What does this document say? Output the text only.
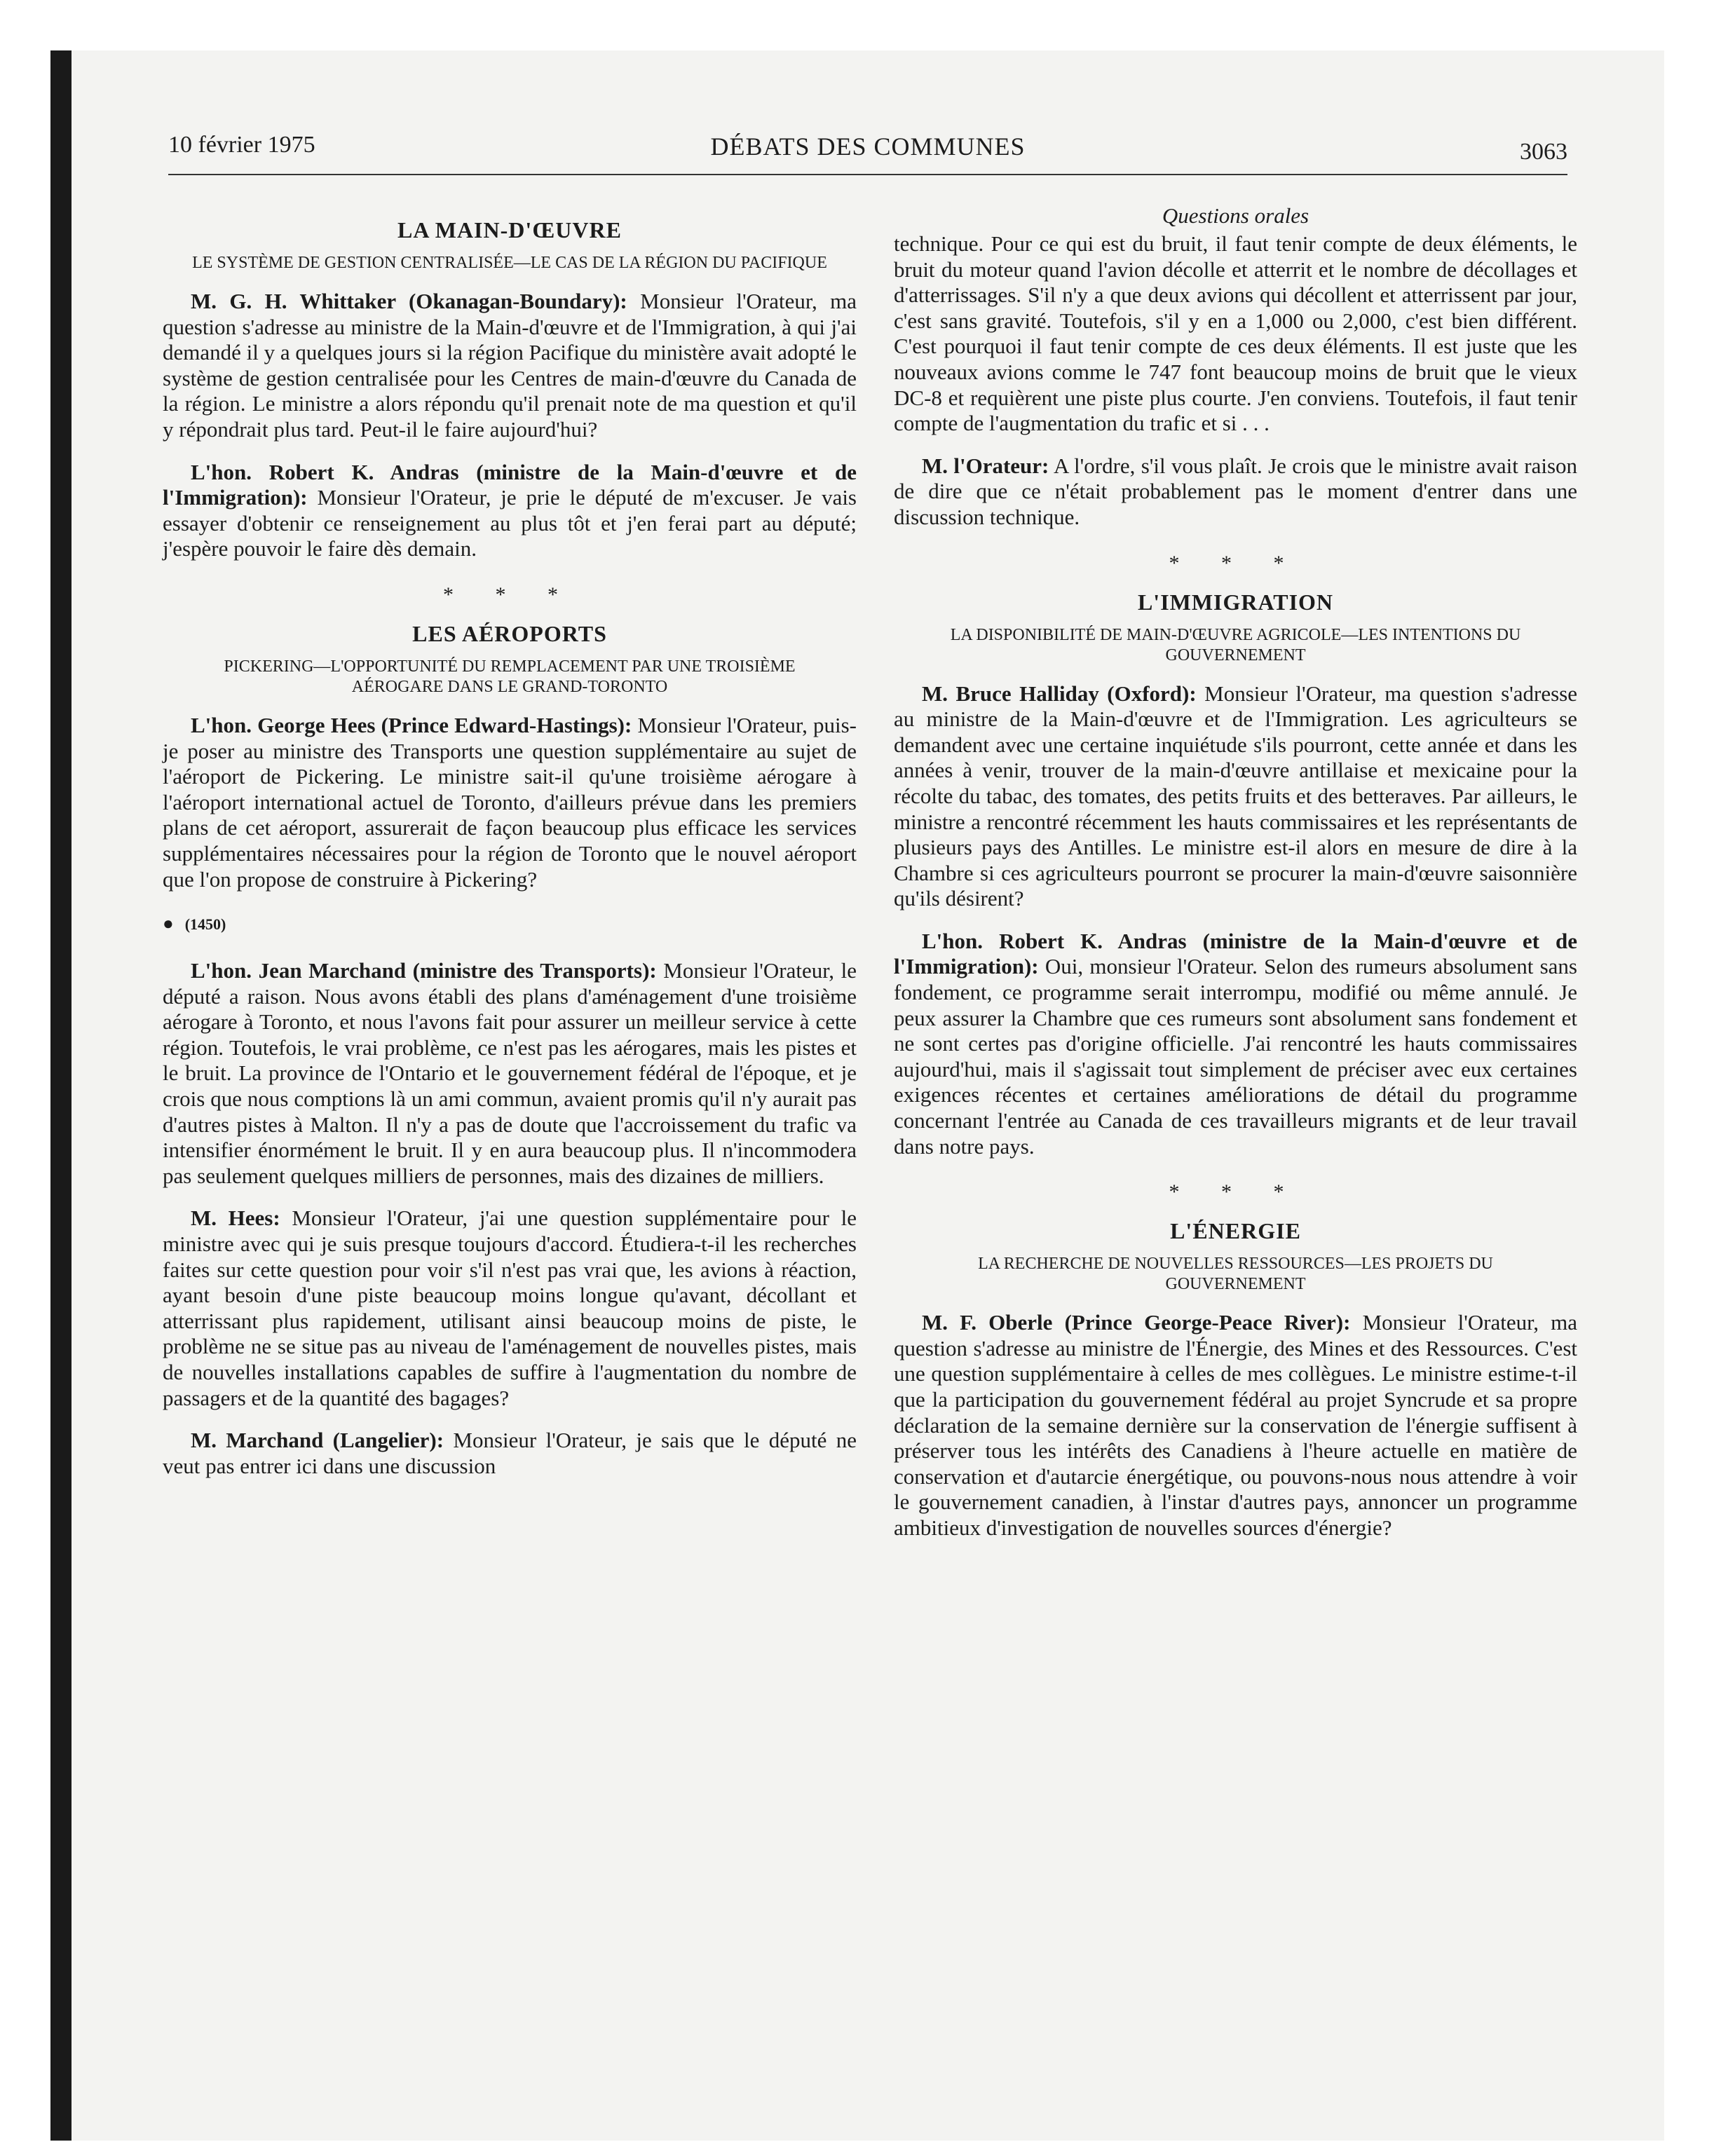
10 février 1975	DÉBATS DES COMMUNES	3063
LA MAIN-D'ŒUVRE
LE SYSTÈME DE GESTION CENTRALISÉE—LE CAS DE LA RÉGION DU PACIFIQUE

M. G. H. Whittaker (Okanagan-Boundary): Monsieur l'Orateur, ma question s'adresse au ministre de la Main-d'œuvre et de l'Immigration, à qui j'ai demandé il y a quelques jours si la région Pacifique du ministère avait adopté le système de gestion centralisée pour les Centres de main-d'œuvre du Canada de la région. Le ministre a alors répondu qu'il prenait note de ma question et qu'il y répondrait plus tard. Peut-il le faire aujourd'hui?

L'hon. Robert K. Andras (ministre de la Main-d'œuvre et de l'Immigration): Monsieur l'Orateur, je prie le député de m'excuser. Je vais essayer d'obtenir ce renseignement au plus tôt et j'en ferai part au député; j'espère pouvoir le faire dès demain.

* * *
LES AÉROPORTS
PICKERING—L'OPPORTUNITÉ DU REMPLACEMENT PAR UNE TROISIÈME AÉROGARE DANS LE GRAND-TORONTO

L'hon. George Hees (Prince Edward-Hastings): Monsieur l'Orateur, puis-je poser au ministre des Transports une question supplémentaire au sujet de l'aéroport de Pickering. Le ministre sait-il qu'une troisième aérogare à l'aéroport international actuel de Toronto, d'ailleurs prévue dans les premiers plans de cet aéroport, assurerait de façon beaucoup plus efficace les services supplémentaires nécessaires pour la région de Toronto que le nouvel aéroport que l'on propose de construire à Pickering?

● (1450)

L'hon. Jean Marchand (ministre des Transports): Monsieur l'Orateur, le député a raison. Nous avons établi des plans d'aménagement d'une troisième aérogare à Toronto, et nous l'avons fait pour assurer un meilleur service à cette région. Toutefois, le vrai problème, ce n'est pas les aérogares, mais les pistes et le bruit. La province de l'Ontario et le gouvernement fédéral de l'époque, et je crois que nous comptions là un ami commun, avaient promis qu'il n'y aurait pas d'autres pistes à Malton. Il n'y a pas de doute que l'accroissement du trafic va intensifier énormément le bruit. Il y en aura beaucoup plus. Il n'incommodera pas seulement quelques milliers de personnes, mais des dizaines de milliers.

M. Hees: Monsieur l'Orateur, j'ai une question supplémentaire pour le ministre avec qui je suis presque toujours d'accord. Étudiera-t-il les recherches faites sur cette question pour voir s'il n'est pas vrai que, les avions à réaction, ayant besoin d'une piste beaucoup moins longue qu'avant, décollant et atterrissant plus rapidement, utilisant ainsi beaucoup moins de piste, le problème ne se situe pas au niveau de l'aménagement de nouvelles pistes, mais de nouvelles installations capables de suffire à l'augmentation du nombre de passagers et de la quantité des bagages?

M. Marchand (Langelier): Monsieur l'Orateur, je sais que le député ne veut pas entrer ici dans une discussion

Questions orales

technique. Pour ce qui est du bruit, il faut tenir compte de deux éléments, le bruit du moteur quand l'avion décolle et atterrit et le nombre de décollages et d'atterrissages. S'il n'y a que deux avions qui décollent et atterrissent par jour, c'est sans gravité. Toutefois, s'il y en a 1,000 ou 2,000, c'est bien différent. C'est pourquoi il faut tenir compte de ces deux éléments. Il est juste que les nouveaux avions comme le 747 font beaucoup moins de bruit que le vieux DC-8 et requièrent une piste plus courte. J'en conviens. Toutefois, il faut tenir compte de l'augmentation du trafic et si . . .

M. l'Orateur: A l'ordre, s'il vous plaît. Je crois que le ministre avait raison de dire que ce n'était probablement pas le moment d'entrer dans une discussion technique.

* * *
L'IMMIGRATION
LA DISPONIBILITÉ DE MAIN-D'ŒUVRE AGRICOLE—LES INTENTIONS DU GOUVERNEMENT

M. Bruce Halliday (Oxford): Monsieur l'Orateur, ma question s'adresse au ministre de la Main-d'œuvre et de l'Immigration. Les agriculteurs se demandent avec une certaine inquiétude s'ils pourront, cette année et dans les années à venir, trouver de la main-d'œuvre antillaise et mexicaine pour la récolte du tabac, des tomates, des petits fruits et des betteraves. Par ailleurs, le ministre a rencontré récemment les hauts commissaires et les représentants de plusieurs pays des Antilles. Le ministre est-il alors en mesure de dire à la Chambre si ces agriculteurs pourront se procurer la main-d'œuvre saisonnière qu'ils désirent?

L'hon. Robert K. Andras (ministre de la Main-d'œuvre et de l'Immigration): Oui, monsieur l'Orateur. Selon des rumeurs absolument sans fondement, ce programme serait interrompu, modifié ou même annulé. Je peux assurer la Chambre que ces rumeurs sont absolument sans fondement et ne sont certes pas d'origine officielle. J'ai rencontré les hauts commissaires aujourd'hui, mais il s'agissait tout simplement de préciser avec eux certaines exigences récentes et certaines améliorations de détail du programme concernant l'entrée au Canada de ces travailleurs migrants et de leur travail dans notre pays.

* * *
L'ÉNERGIE
LA RECHERCHE DE NOUVELLES RESSOURCES—LES PROJETS DU GOUVERNEMENT

M. F. Oberle (Prince George-Peace River): Monsieur l'Orateur, ma question s'adresse au ministre de l'Énergie, des Mines et des Ressources. C'est une question supplémentaire à celles de mes collègues. Le ministre estime-t-il que la participation du gouvernement fédéral au projet Syncrude et sa propre déclaration de la semaine dernière sur la conservation de l'énergie suffisent à préserver tous les intérêts des Canadiens à l'heure actuelle en matière de conservation et d'autarcie énergétique, ou pouvons-nous nous attendre à voir le gouvernement canadien, à l'instar d'autres pays, annoncer un programme ambitieux d'investigation de nouvelles sources d'énergie?
